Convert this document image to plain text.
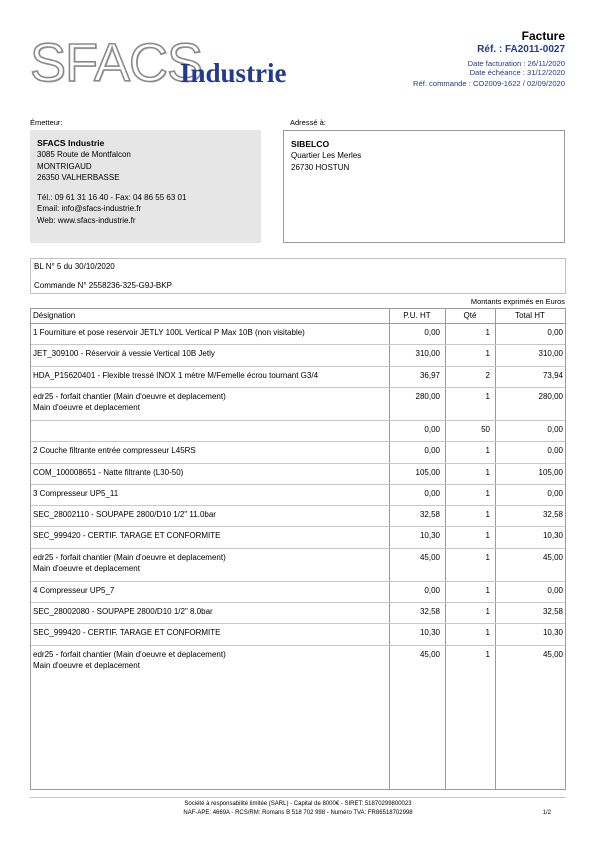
SFACS
Industrie
Facture
Réf. : FA2011-0027
Date facturation : 26/11/2020
Date échéance : 31/12/2020
Réf. commande : CO2009-1622 / 02/09/2020
Émetteur:
SFACS Industrie
3085 Route de Montfalcon
MONTRIGAUD
26350 VALHERBASSE
Tél.: 09 61 31 16 40 - Fax: 04 86 55 63 01
Email: info@sfacs-industrie.fr
Web: www.sfacs-industrie.fr
Adressé à:
SIBELCO
Quartier Les Merles
26730 HOSTUN
BL N° 5 du 30/10/2020
Commande N° 2558236-325-G9J-BKP
Montants exprimés en Euros
Désignation	P.U. HT	Qté	Total HT
1 Fourniture et pose reservoir JETLY 100L Vertical P Max 10B (non visitable)	0,00	1	0,00
JET_309100 - Réservoir à vessie Vertical 10B Jetly	310,00	1	310,00
HDA_P15620401 - Flexible tressé INOX 1 mètre M/Femelle écrou tournant G3/4	36,97	2	73,94
edr25 - forfait chantier (Main d'oeuvre et deplacement)
Main d'oeuvre et deplacement
280,00	1	280,00
0,00	50	0,00
2 Couche filtrante entrée compresseur L45RS	0,00	1	0,00
COM_100008651 - Natte filtrante (L30-50)	105,00	1	105,00
3 Compresseur UP5_11	0,00	1	0,00
SEC_28002110 - SOUPAPE 2800/D10 1/2" 11.0bar	32,58	1	32,58
SEC_999420 - CERTIF. TARAGE ET CONFORMITE	10,30	1	10,30
edr25 - forfait chantier (Main d'oeuvre et deplacement)
Main d'oeuvre et deplacement
45,00	1	45,00
4 Compresseur UP5_7	0,00	1	0,00
SEC_28002080 - SOUPAPE 2800/D10 1/2" 8.0bar	32,58	1	32,58
SEC_999420 - CERTIF. TARAGE ET CONFORMITE	10,30	1	10,30
edr25 - forfait chantier (Main d'oeuvre et deplacement)
Main d'oeuvre et deplacement
45,00	1	45,00
Société à responsabilité limitée (SARL) - Capital de 8000€ - SIRET: 51870299800023
NAF-APE: 4669A - RCS/RM: Romans B 518 702 998 - Numéro TVA: FR86518702998	1/2
